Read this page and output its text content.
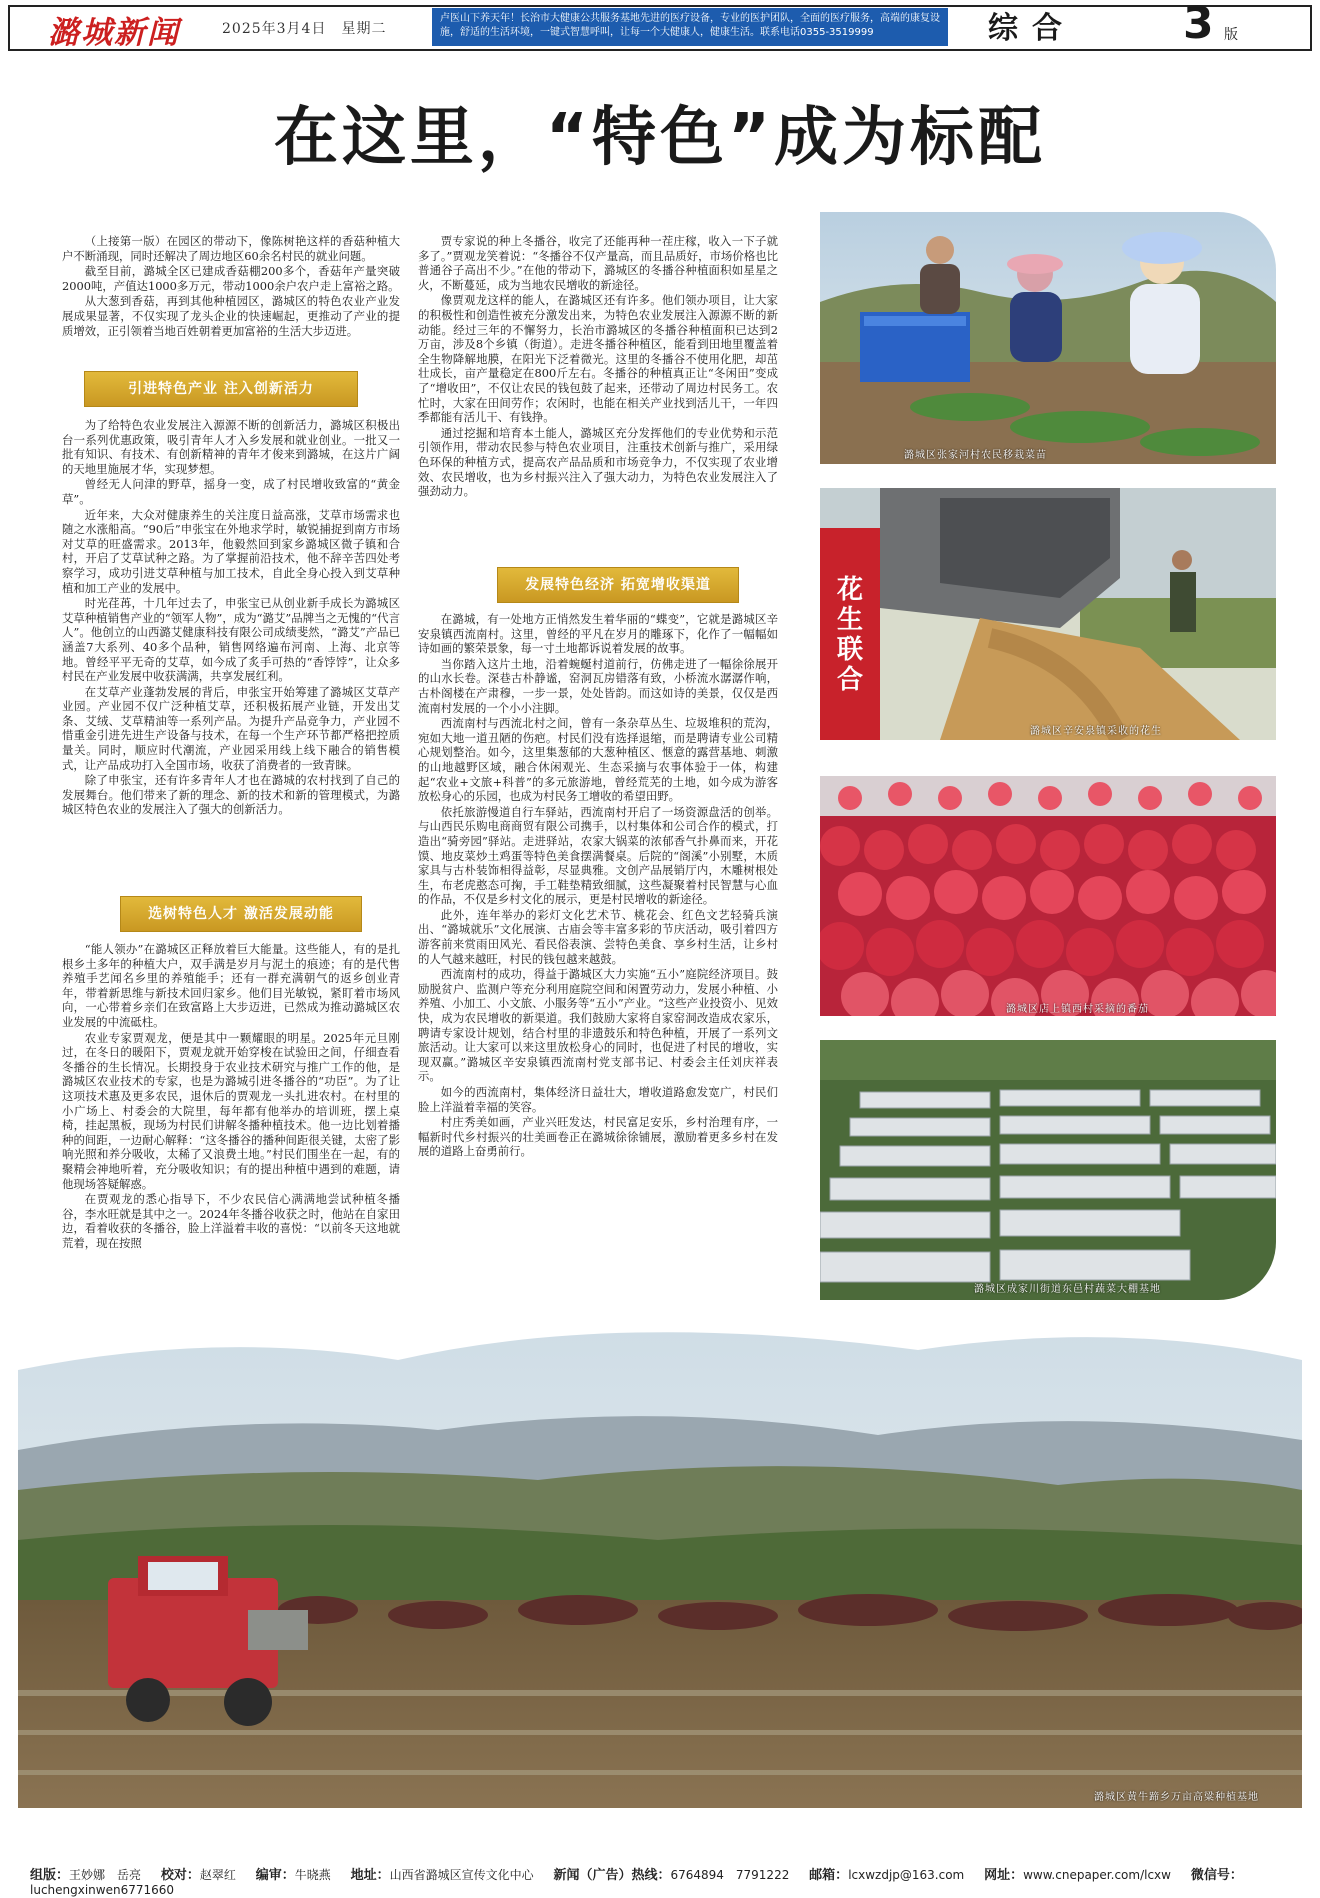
潞城新闻	2025年3月4日　星期二
卢医山下养天年！长治市大健康公共服务基地先进的医疗设备，专业的医护团队，全面的医疗服务，高端的康复设施，舒适的生活环境，一键式智慧呼叫，让每一个大健康人，健康生活。联系电话0355-3519999	综合 3 版
在这里，“特色”成为标配

（上接第一版）在园区的带动下，像陈树艳这样的香菇种植大户不断涌现，同时还解决了周边地区60余名村民的就业问题。

截至目前，潞城全区已建成香菇棚200多个，香菇年产量突破2000吨，产值达1000多万元，带动1000余户农户走上富裕之路。

从大葱到香菇，再到其他种植园区，潞城区的特色农业产业发展成果显著，不仅实现了龙头企业的快速崛起，更推动了产业的提质增效，正引领着当地百姓朝着更加富裕的生活大步迈进。

引进特色产业 注入创新活力

为了给特色农业发展注入源源不断的创新活力，潞城区积极出台一系列优惠政策，吸引青年人才入乡发展和就业创业。一批又一批有知识、有技术、有创新精神的青年才俊来到潞城，在这片广阔的天地里施展才华，实现梦想。

曾经无人问津的野草，摇身一变，成了村民增收致富的“黄金草”。

近年来，大众对健康养生的关注度日益高涨，艾草市场需求也随之水涨船高。“90后”申张宝在外地求学时，敏锐捕捉到南方市场对艾草的旺盛需求。2013年，他毅然回到家乡潞城区微子镇和合村，开启了艾草试种之路。为了掌握前沿技术，他不辞辛苦四处考察学习，成功引进艾草种植与加工技术，自此全身心投入到艾草种植和加工产业的发展中。

时光荏苒，十几年过去了，申张宝已从创业新手成长为潞城区艾草种植销售产业的“领军人物”，成为“潞艾”品牌当之无愧的“代言人”。他创立的山西潞艾健康科技有限公司成绩斐然，“潞艾”产品已涵盖7大系列、40多个品种，销售网络遍布河南、上海、北京等地。曾经平平无奇的艾草，如今成了炙手可热的“香饽饽”，让众多村民在产业发展中收获满满，共享发展红利。

在艾草产业蓬勃发展的背后，申张宝开始筹建了潞城区艾草产业园。产业园不仅广泛种植艾草，还积极拓展产业链，开发出艾条、艾绒、艾草精油等一系列产品。为提升产品竞争力，产业园不惜重金引进先进生产设备与技术，在每一个生产环节都严格把控质量关。同时，顺应时代潮流，产业园采用线上线下融合的销售模式，让产品成功打入全国市场，收获了消费者的一致青睐。

除了申张宝，还有许多青年人才也在潞城的农村找到了自己的发展舞台。他们带来了新的理念、新的技术和新的管理模式，为潞城区特色农业的发展注入了强大的创新活力。

选树特色人才 激活发展动能

“能人领办”在潞城区正释放着巨大能量。这些能人，有的是扎根乡土多年的种植大户，双手满是岁月与泥土的痕迹；有的是代售养殖手艺闻名乡里的养殖能手；还有一群充满朝气的返乡创业青年，带着新思维与新技术回归家乡。他们目光敏锐，紧盯着市场风向，一心带着乡亲们在致富路上大步迈进，已然成为推动潞城区农业发展的中流砥柱。

农业专家贾观龙，便是其中一颗耀眼的明星。2025年元旦刚过，在冬日的暖阳下，贾观龙就开始穿梭在试验田之间，仔细查看冬播谷的生长情况。长期投身于农业技术研究与推广工作的他，是潞城区农业技术的专家，也是为潞城引进冬播谷的“功臣”。为了让这项技术惠及更多农民，退休后的贾观龙一头扎进农村。在村里的小广场上、村委会的大院里，每年都有他举办的培训班，摆上桌椅，挂起黑板，现场为村民们讲解冬播种植技术。他一边比划着播种的间距，一边耐心解释：“这冬播谷的播种间距很关键，太密了影响光照和养分吸收，太稀了又浪费土地。”村民们围坐在一起，有的聚精会神地听着，充分吸收知识；有的提出种植中遇到的难题，请他现场答疑解惑。

在贾观龙的悉心指导下，不少农民信心满满地尝试种植冬播谷，李水旺就是其中之一。2024年冬播谷收获之时，他站在自家田边，看着收获的冬播谷，脸上洋溢着丰收的喜悦：“以前冬天这地就荒着，现在按照

贾专家说的种上冬播谷，收完了还能再种一茬庄稼，收入一下子就多了。”贾观龙笑着说：“冬播谷不仅产量高，而且品质好，市场价格也比普通谷子高出不少。”在他的带动下，潞城区的冬播谷种植面积如星星之火，不断蔓延，成为当地农民增收的新途径。

像贾观龙这样的能人，在潞城区还有许多。他们领办项目，让大家的积极性和创造性被充分激发出来，为特色农业发展注入源源不断的新动能。经过三年的不懈努力，长治市潞城区的冬播谷种植面积已达到2万亩，涉及8个乡镇（街道）。走进冬播谷种植区，能看到田地里覆盖着全生物降解地膜，在阳光下泛着微光。这里的冬播谷不使用化肥，却茁壮成长，亩产量稳定在800斤左右。冬播谷的种植真正让“冬闲田”变成了“增收田”，不仅让农民的钱包鼓了起来，还带动了周边村民务工。农忙时，大家在田间劳作；农闲时，也能在相关产业找到活儿干，一年四季都能有活儿干、有钱挣。

通过挖掘和培育本土能人，潞城区充分发挥他们的专业优势和示范引领作用，带动农民参与特色农业项目，注重技术创新与推广，采用绿色环保的种植方式，提高农产品品质和市场竞争力，不仅实现了农业增效、农民增收，也为乡村振兴注入了强大动力，为特色农业发展注入了强劲动力。

发展特色经济 拓宽增收渠道

在潞城，有一处地方正悄然发生着华丽的“蝶变”，它就是潞城区辛安泉镇西流南村。这里，曾经的平凡在岁月的雕琢下，化作了一幅幅如诗如画的繁荣景象，每一寸土地都诉说着发展的故事。

当你踏入这片土地，沿着蜿蜒村道前行，仿佛走进了一幅徐徐展开的山水长卷。深巷古朴静谧，窑洞瓦房错落有致，小桥流水潺潺作响，古朴阁楼在产肃穆，一步一景，处处皆韵。而这如诗的美景，仅仅是西流南村发展的一个小小注脚。

西流南村与西流北村之间，曾有一条杂草丛生、垃圾堆积的荒沟，宛如大地一道丑陋的伤疤。村民们没有选择退缩，而是聘请专业公司精心规划整治。如今，这里集葱郁的大葱种植区、惬意的露营基地、刺激的山地越野区域，融合休闲观光、生态采摘与农事体验于一体，构建起“农业+文旅+科普”的多元旅游地，曾经荒芜的土地，如今成为游客放松身心的乐园，也成为村民务工增收的希望田野。

依托旅游慢道自行车驿站，西流南村开启了一场资源盘活的创举。与山西民乐购电商商贸有限公司携手，以村集体和公司合作的模式，打造出“骑旁园”驿站。走进驿站，农家大锅菜的浓郁香气扑鼻而来，开花馍、地皮菜炒土鸡蛋等特色美食摆满餐桌。后院的“阁溪”小别墅，木质家具与古朴装饰相得益彰，尽显典雅。文创产品展销厅内，木雕树根处生，布老虎憨态可掬，手工鞋垫精致细腻，这些凝聚着村民智慧与心血的作品，不仅是乡村文化的展示，更是村民增收的新途径。

此外，连年举办的彩灯文化艺术节、桃花会、红色文艺轻骑兵演出、“潞城就乐”文化展演、古庙会等丰富多彩的节庆活动，吸引着四方游客前来赏雨田风光、看民俗表演、尝特色美食、享乡村生活，让乡村的人气越来越旺，村民的钱包越来越鼓。

西流南村的成功，得益于潞城区大力实施“五小”庭院经济项目。鼓励脱贫户、监测户等充分利用庭院空间和闲置劳动力，发展小种植、小养殖、小加工、小文旅、小服务等“五小”产业。“这些产业投资小、见效快，成为农民增收的新渠道。我们鼓励大家将自家窑洞改造成农家乐，聘请专家设计规划，结合村里的非遗鼓乐和特色种植，开展了一系列文旅活动。让大家可以来这里放松身心的同时，也促进了村民的增收，实现双赢。”潞城区辛安泉镇西流南村党支部书记、村委会主任刘庆祥表示。

如今的西流南村，集体经济日益壮大，增收道路愈发宽广，村民们脸上洋溢着幸福的笑容。

村庄秀美如画，产业兴旺发达，村民富足安乐，乡村治理有序，一幅新时代乡村振兴的壮美画卷正在潞城徐徐铺展，激励着更多乡村在发展的道路上奋勇前行。

潞城区张家河村农民移栽菜苗
花
生
联
合
潞城区辛安泉镇采收的花生
潞城区店上镇西村采摘的番茄
潞城区成家川街道东邑村蔬菜大棚基地
潞城区黄牛蹄乡万亩高粱种植基地
组版：王妙娜　岳亮 校对：赵翠红 编审：牛晓燕 地址：山西省潞城区宣传文化中心 新闻（广告）热线：6764894　7791222 邮箱：lcxwzdjp@163.com 网址：www.cnepaper.com/lcxw 微信号：luchengxinwen6771660
